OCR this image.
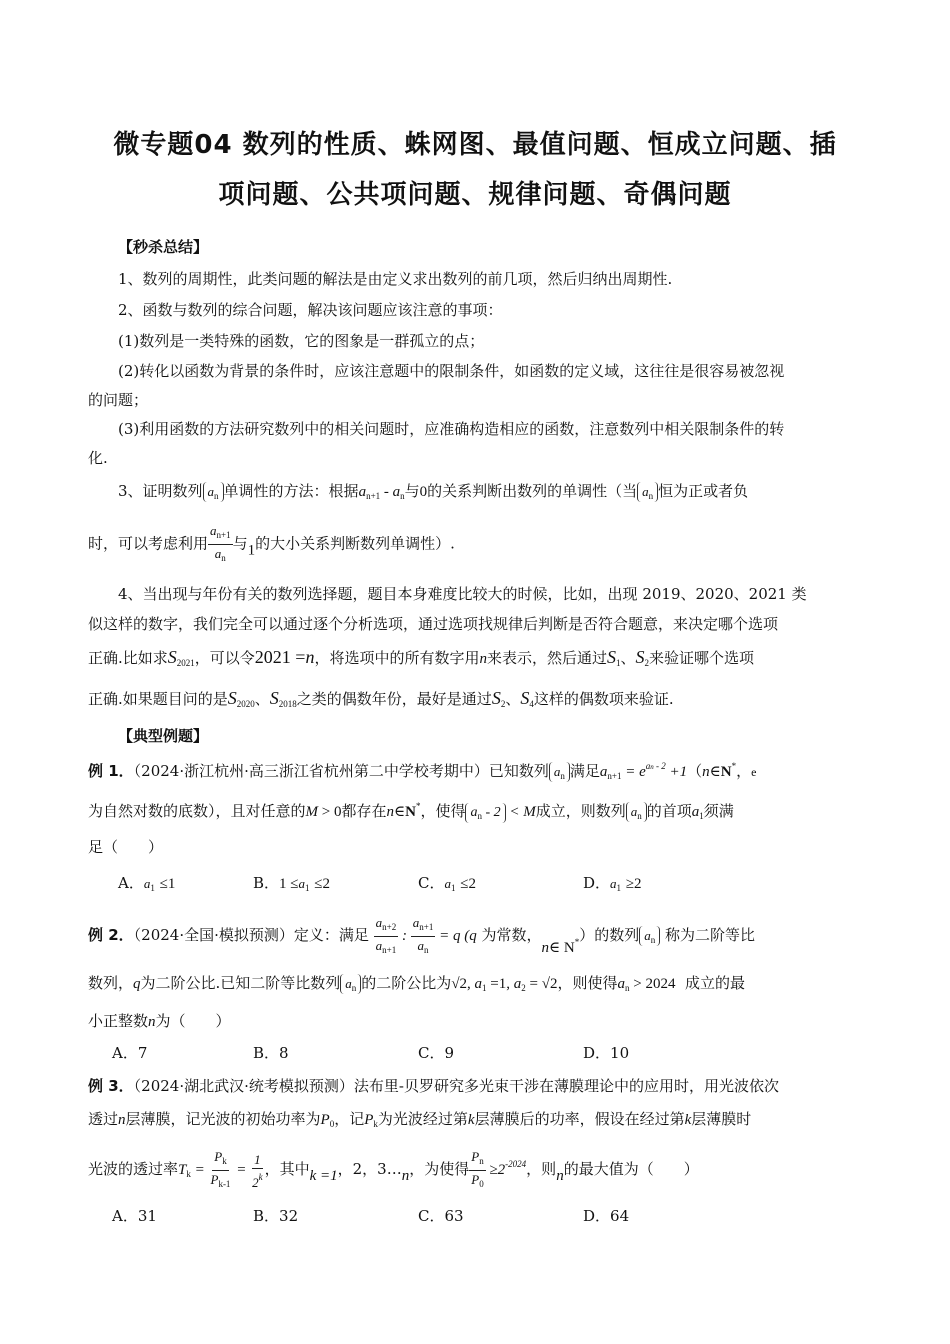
微专题04 数列的性质、蛛网图、最值问题、恒成立问题、插
项问题、公共项问题、规律问题、奇偶问题
【秒杀总结】
1、数列的周期性，此类问题的解法是由定义求出数列的前几项，然后归纳出周期性.
2、函数与数列的综合问题，解决该问题应该注意的事项：
(1)数列是一类特殊的函数，它的图象是一群孤立的点；
(2)转化以函数为背景的条件时，应该注意题中的限制条件，如函数的定义域，这往往是很容易被忽视
的问题；
(3)利用函数的方法研究数列中的相关问题时，应准确构造相应的函数，注意数列中相关限制条件的转
化.
3、证明数列 $a_n$ 单调性的方法：根据$a_{n+1} - a_n$与0的关系判断出数列的单调性（当 $a_n$ 恒为正或者负
时，可以考虑利用 $\frac{a_{n+1}}{a_n}$ 与1的大小关系判断数列单调性）.
4、当出现与年份有关的数列选择题，题目本身难度比较大的时候，比如，出现 2019、2020、2021 类
似这样的数字，我们完全可以通过逐个分析选项，通过选项找规律后判断是否符合题意，来决定哪个选项
正确.比如求$S_{2021}$，可以令2021 =n，将选项中的所有数字用n来表示，然后通过$S_1$、$S_2$来验证哪个选项
正确.如果题目问的是$S_{2020}$、$S_{2018}$之类的偶数年份，最好是通过$S_2$、$S_4$这样的偶数项来验证.
【典型例题】
例 1．（2024·浙江杭州·高三浙江省杭州第二中学校考期中）已知数列 $a_n$ 满足$a_{n+1} = e^{an - 2}$ +1（n∈N*，e
为自然对数的底数），且对任意的M > 0都存在n∈N*，使得 $a_n - 2 < M$成立，则数列 $a_n$ 的首项$a_1$须满
足（　　）
A．$a_1 \le 1$	B．$1 \le a_1 \le 2$	C．$a_1 \le 2$	D．$a_1 \ge 2$
例 2．（2024·全国·模拟预测）定义：满足 $\frac{a_{n+2}}{a_{n+1}}$ : $\frac{a_{n+1}}{a_n} = q$ (q 为常数，n∈ N*）的数列 $a_n$ 称为二阶等比
数列，q为二阶公比.已知二阶等比数列 $a_n$ 的二阶公比为√2, $a_1 =1$, $a_2 = √2$，则使得$a_n > 2024$ 成立的最
小正整数n为（　　）
A．7	B．8	C．9	D．10
例 3．（2024·湖北武汉·统考模拟预测）法布里-贝罗研究多光束干涉在薄膜理论中的应用时，用光波依次
透过n层薄膜，记光波的初始功率为$P_0$，记$P_k$为光波经过第k层薄膜后的功率，假设在经过第k层薄膜时
光波的透过率$T_k = \frac{P_k}{P_{k-1}} = \frac{1}{2^k}$ ，其中k =1，2，3…n，为使得 $\frac{P_n}{P_0} \ge 2^{-2024}$，则n的最大值为（　　）
A．31	B．32	C．63	D．64
